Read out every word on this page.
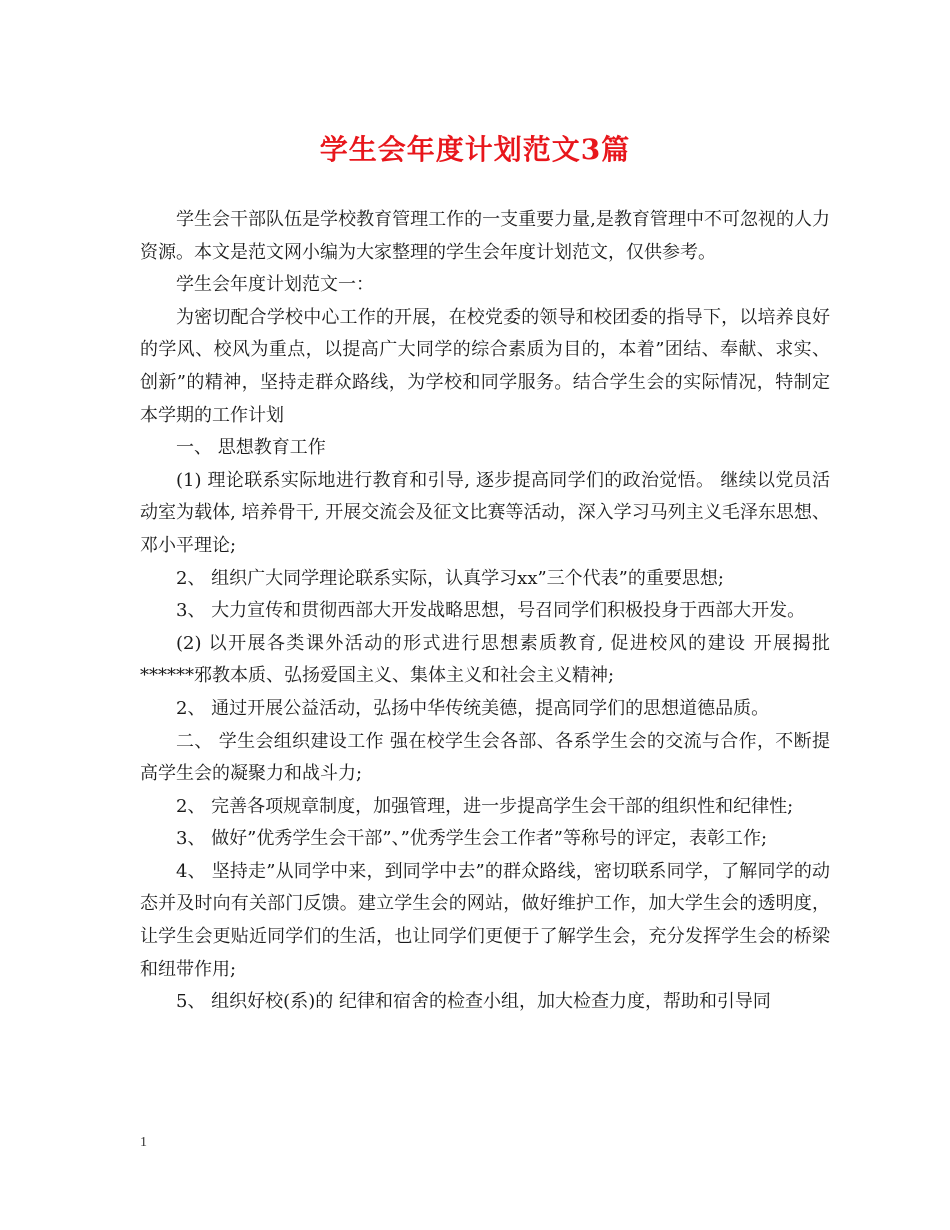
学生会年度计划范文3篇

学生会干部队伍是学校教育管理工作的一支重要力量,是教育管理中不可忽视的人力资源。本文是范文网小编为大家整理的学生会年度计划范文，仅供参考。

学生会年度计划范文一：

为密切配合学校中心工作的开展，在校党委的领导和校团委的指导下，以培养良好的学风、校风为重点，以提高广大同学的综合素质为目的，本着”团结、奉献、求实、创新”的精神，坚持走群众路线，为学校和同学服务。结合学生会的实际情况，特制定本学期的工作计划

一、 思想教育工作

(1) 理论联系实际地进行教育和引导, 逐步提高同学们的政治觉悟。 继续以党员活动室为载体, 培养骨干, 开展交流会及征文比赛等活动，深入学习马列主义毛泽东思想、邓小平理论;

2、 组织广大同学理论联系实际，认真学习xx”三个代表”的重要思想;

3、 大力宣传和贯彻西部大开发战略思想，号召同学们积极投身于西部大开发。

(2) 以开展各类课外活动的形式进行思想素质教育, 促进校风的建设 开展揭批******邪教本质、弘扬爱国主义、集体主义和社会主义精神;

2、 通过开展公益活动，弘扬中华传统美德，提高同学们的思想道德品质。

二、 学生会组织建设工作 强在校学生会各部、各系学生会的交流与合作，不断提高学生会的凝聚力和战斗力;

2、 完善各项规章制度，加强管理，进一步提高学生会干部的组织性和纪律性;

3、 做好”优秀学生会干部”、”优秀学生会工作者”等称号的评定，表彰工作;

4、 坚持走”从同学中来，到同学中去”的群众路线，密切联系同学，了解同学的动态并及时向有关部门反馈。建立学生会的网站，做好维护工作，加大学生会的透明度，让学生会更贴近同学们的生活，也让同学们更便于了解学生会，充分发挥学生会的桥梁和纽带作用;

5、 组织好校(系)的 纪律和宿舍的检查小组，加大检查力度，帮助和引导同

1
